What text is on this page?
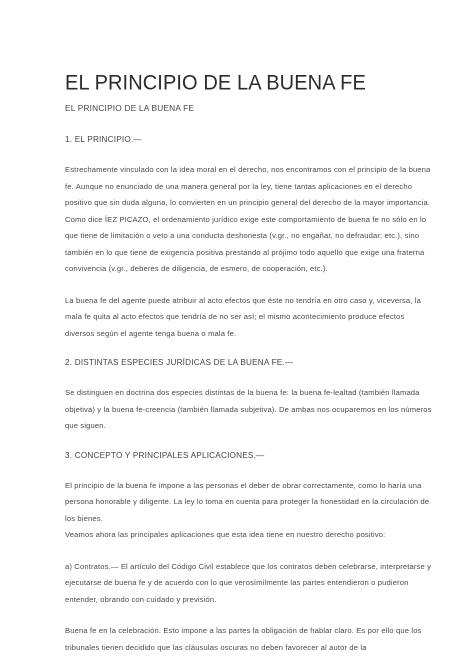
EL PRINCIPIO DE LA BUENA FE

EL PRINCIPIO DE LA BUENA FE

1. EL PRINCIPIO.—

Estrechamente vinculado con la idea moral en el derecho, nos encontramos con el principio de la buena fe. Aunque no enunciado de una manera general por la ley, tiene tantas aplicaciones en el derecho positivo que sin duda alguna, lo convierten en un principio general del derecho de la mayor importancia. Como dice ÍEZ PICAZO, el ordenamiento jurídico exige este comportamiento de buena fe no sólo en lo que tiene de limitación o veto a una conducta deshonesta (v.gr., no engañar, no defraudar; etc.), sino también en lo que tiene de exigencia positiva prestando al prójimo todo aquello que exige una fraterna convivencia (v.gr., deberes de diligencia, de esmero, de cooperación, etc.).

La buena fe del agente puede atribuir al acto efectos que éste no tendría en otro caso y, viceversa, la mala fe quita al acto efectos que tendría de no ser así; el mismo acontecimiento produce efectos diversos según el agente tenga buena o mala fe.

2. DISTINTAS ESPECIES JURÍDICAS DE LA BUENA FE.—

Se distinguen en doctrina dos especies distintas de la buena fe: la buena fe-lealtad (también llamada objetiva) y la buena fe-creencia (también llamada subjetiva). De ambas nos ocuparemos en los números que siguen.

3. CONCEPTO Y PRINCIPALES APLICACIONES.—

El principio de la buena fe impone a las personas el deber de obrar correctamente, como lo haría una persona honorable y diligente. La ley lo toma en cuenta para proteger la honestidad en la circulación de los bienes.
Veamos ahora las principales aplicaciones que esta idea tiene en nuestro derecho positivo:

a) Contratos.— El artículo del Código Civil establece que los contratos deben celebrarse, interpretarse y ejecutarse de buena fe y de acuerdo con lo que verosímilmente las partes entendieron o pudieron entender, obrando con cuidado y previsión.

Buena fe en la celebración. Esto impone a las partes la obligación de hablar claro. Es por ello que los tribunales tienen decidido que las cláusulas oscuras no deben favorecer al autor de la
